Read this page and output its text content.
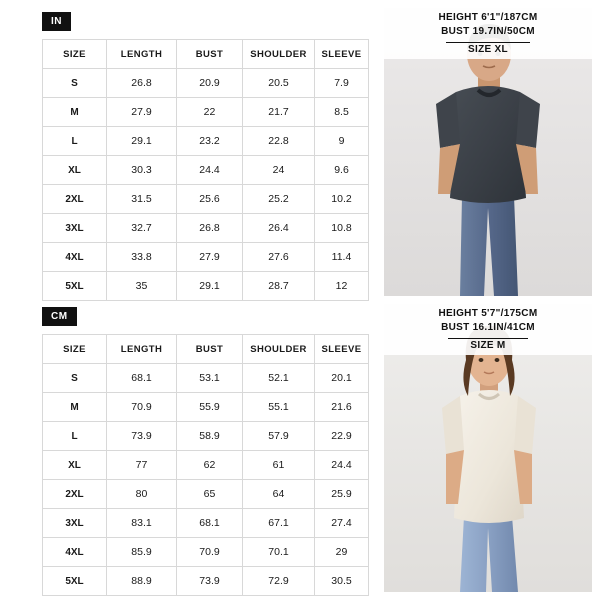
IN
SIZE	LENGTH	BUST	SHOULDER	SLEEVE
S	26.8	20.9	20.5	7.9
M	27.9	22	21.7	8.5
L	29.1	23.2	22.8	9
XL	30.3	24.4	24	9.6
2XL	31.5	25.6	25.2	10.2
3XL	32.7	26.8	26.4	10.8
4XL	33.8	27.9	27.6	11.4
5XL	35	29.1	28.7	12
CM
SIZE	LENGTH	BUST	SHOULDER	SLEEVE
S	68.1	53.1	52.1	20.1
M	70.9	55.9	55.1	21.6
L	73.9	58.9	57.9	22.9
XL	77	62	61	24.4
2XL	80	65	64	25.9
3XL	83.1	68.1	67.1	27.4
4XL	85.9	70.9	70.1	29
5XL	88.9	73.9	72.9	30.5
HEIGHT 6'1"/187CM
BUST 19.7IN/50CM
SIZE XL
HEIGHT 5'7"/175CM
BUST 16.1IN/41CM
SIZE M
